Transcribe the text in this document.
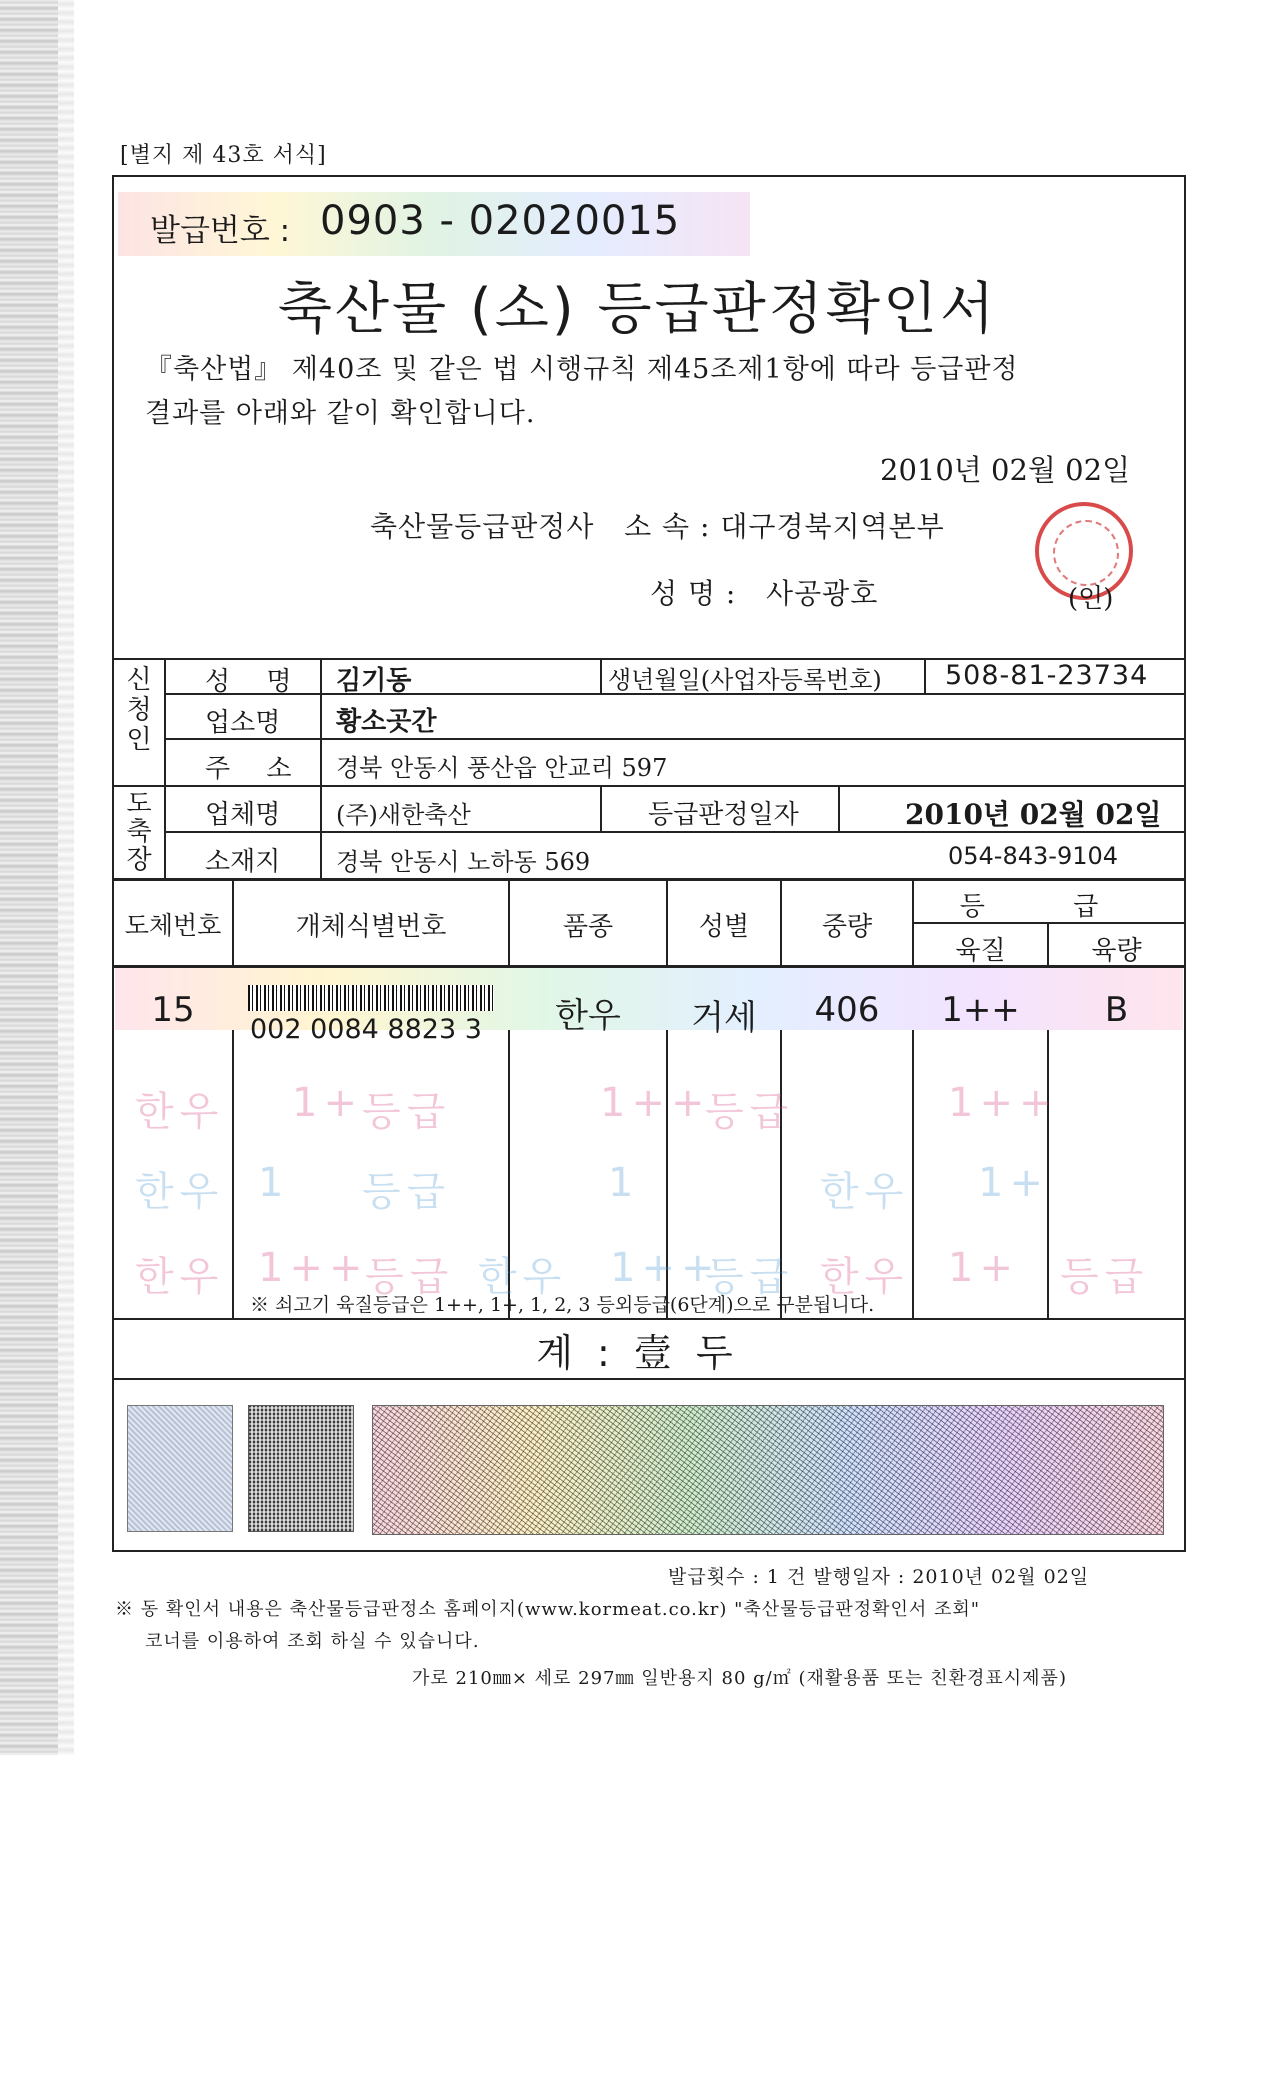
[별지 제 43호 서식]
발급번호 : 0903 - 02020015
축산물 (소) 등급판정확인서
『축산법』 제40조 및 같은 법 시행규칙 제45조제1항에 따라 등급판정
결과를 아래와 같이 확인합니다.
2010년 02월 02일
축산물등급판정사 소 속 : 대구경북지역본부
성 명 : 사공광호	(인)
신청인
성 명 김기동	생년월일(사업자등록번호) 508-81-23734
업소명 황소곳간
주 소 경북 안동시 풍산읍 안교리 597
도축장
업체명 (주)새한축산	등급판정일자	2010년 02월 02일
소재지 경북 안동시 노하동 569	054-843-9104
도체번호	개체식별번호	품종	성별	중량
등 급
육질	육량
15	002 0084 8823 3	한우	거세	406	1++	B
한우 1+ 등급	1++
등급	1++
한우 1 등급	1	한우 1+
한우 1++
등급 한우 1++
등급 한우 1+ 등급
※ 쇠고기 육질등급은 1++, 1+, 1, 2, 3 등외등급(6단계)으로 구분됩니다.
계 : 壹 두
발급횟수 : 1 건 발행일자 : 2010년 02월 02일
※ 동 확인서 내용은 축산물등급판정소 홈페이지(www.kormeat.co.kr) "축산물등급판정확인서 조회"
코너를 이용하여 조회 하실 수 있습니다.
가로 210㎜× 세로 297㎜ 일반용지 80 g/㎡ (재활용품 또는 친환경표시제품)
